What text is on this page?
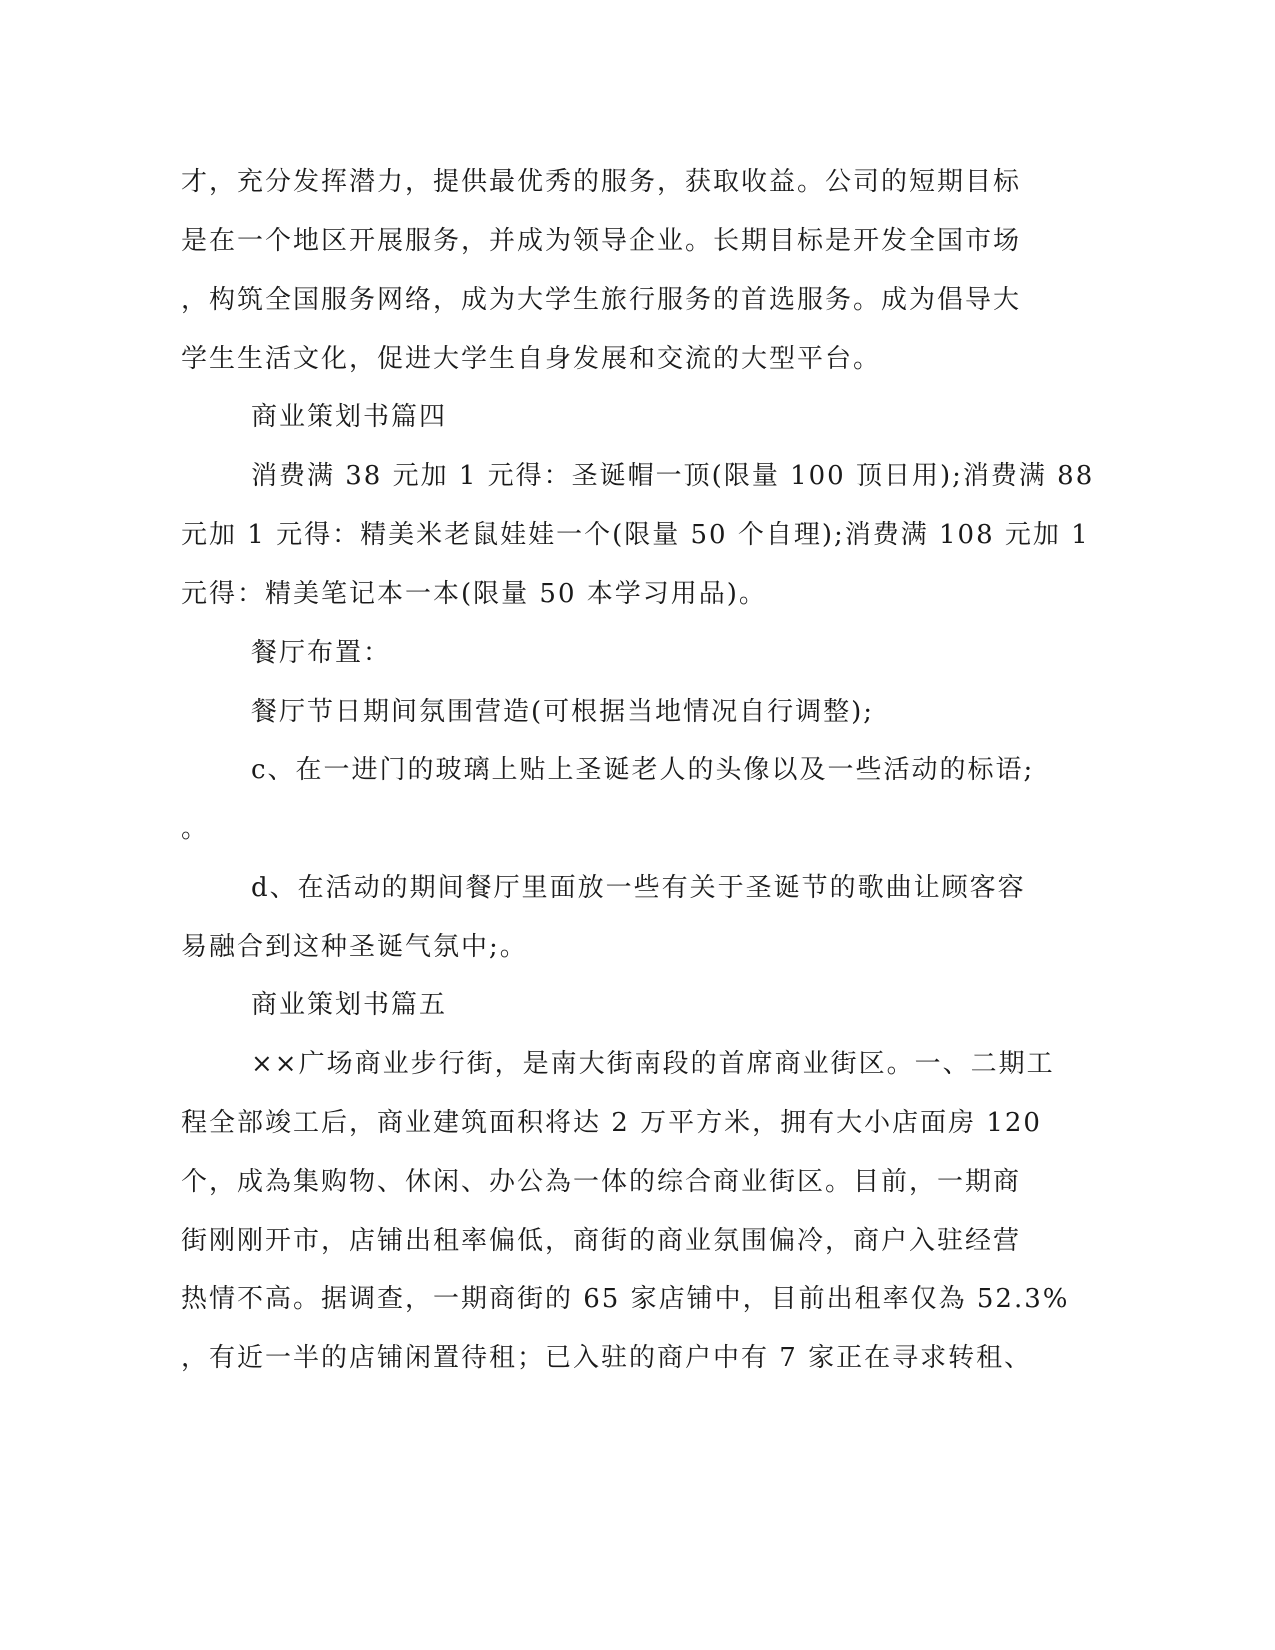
才，充分发挥潜力，提供最优秀的服务，获取收益。公司的短期目标
是在一个地区开展服务，并成为领导企业。长期目标是开发全国市场
，构筑全国服务网络，成为大学生旅行服务的首选服务。成为倡导大
学生生活文化，促进大学生自身发展和交流的大型平台。
商业策划书篇四
消费满 38 元加 1 元得：圣诞帽一顶(限量 100 顶日用);消费满 88
元加 1 元得：精美米老鼠娃娃一个(限量 50 个自理);消费满 108 元加 1
元得：精美笔记本一本(限量 50 本学习用品)。
餐厅布置：
餐厅节日期间氛围营造(可根据当地情况自行调整);
c、在一进门的玻璃上贴上圣诞老人的头像以及一些活动的标语;
。
d、在活动的期间餐厅里面放一些有关于圣诞节的歌曲让顾客容
易融合到这种圣诞气氛中;。
商业策划书篇五
××广场商业步行街，是南大街南段的首席商业街区。一、二期工
程全部竣工后，商业建筑面积将达 2 万平方米，拥有大小店面房 120
个，成為集购物、休闲、办公為一体的综合商业街区。目前，一期商
街刚刚开市，店铺出租率偏低，商街的商业氛围偏冷，商户入驻经营
热情不高。据调查，一期商街的 65 家店铺中，目前出租率仅為 52.3%
，有近一半的店铺闲置待租；已入驻的商户中有 7 家正在寻求转租、
